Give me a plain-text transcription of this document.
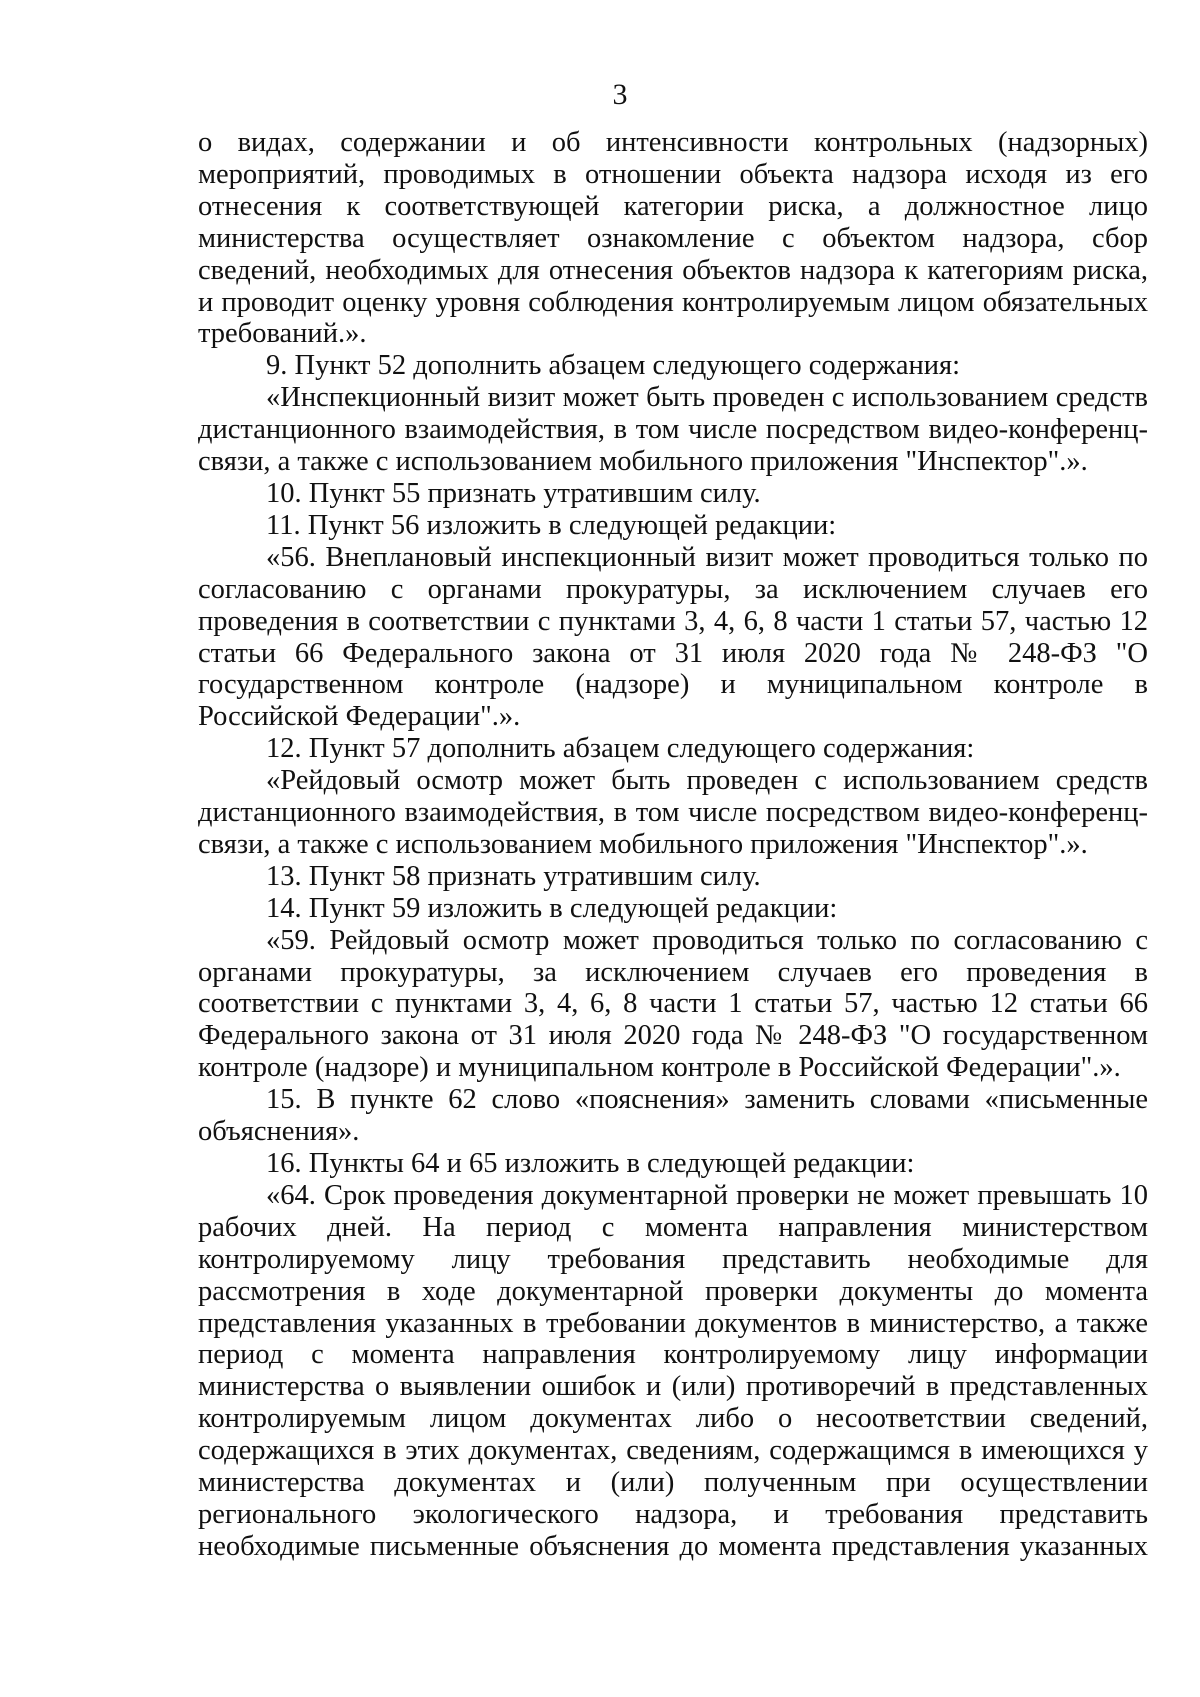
3

о видах, содержании и об интенсивности контрольных (надзорных) мероприятий, проводимых в отношении объекта надзора исходя из его отнесения к соответствующей категории риска, а должностное лицо министерства осуществляет ознакомление с объектом надзора, сбор сведений, необходимых для отнесения объектов надзора к категориям риска, и проводит оценку уровня соблюдения контролируемым лицом обязательных требований.».

9. Пункт 52 дополнить абзацем следующего содержания:

«Инспекционный визит может быть проведен с использованием средств дистанционного взаимодействия, в том числе посредством видео-конференц-связи, а также с использованием мобильного приложения "Инспектор".».

10. Пункт 55 признать утратившим силу.

11. Пункт 56 изложить в следующей редакции:

«56. Внеплановый инспекционный визит может проводиться только по согласованию с органами прокуратуры, за исключением случаев его проведения в соответствии с пунктами 3, 4, 6, 8 части 1 статьи 57, частью 12 статьи 66 Федерального закона от 31 июля 2020 года № 248-ФЗ "О государственном контроле (надзоре) и муниципальном контроле в Российской Федерации".».

12. Пункт 57 дополнить абзацем следующего содержания:

«Рейдовый осмотр может быть проведен с использованием средств дистанционного взаимодействия, в том числе посредством видео-конференц-связи, а также с использованием мобильного приложения "Инспектор".».

13. Пункт 58 признать утратившим силу.

14. Пункт 59 изложить в следующей редакции:

«59. Рейдовый осмотр может проводиться только по согласованию с органами прокуратуры, за исключением случаев его проведения в соответствии с пунктами 3, 4, 6, 8 части 1 статьи 57, частью 12 статьи 66 Федерального закона от 31 июля 2020 года № 248-ФЗ "О государственном контроле (надзоре) и муниципальном контроле в Российской Федерации".».

15. В пункте 62 слово «пояснения» заменить словами «письменные объяснения».

16. Пункты 64 и 65 изложить в следующей редакции:

«64. Срок проведения документарной проверки не может превышать 10 рабочих дней. На период с момента направления министерством контролируемому лицу требования представить необходимые для рассмотрения в ходе документарной проверки документы до момента представления указанных в требовании документов в министерство, а также период с момента направления контролируемому лицу информации министерства о выявлении ошибок и (или) противоречий в представленных контролируемым лицом документах либо о несоответствии сведений, содержащихся в этих документах, сведениям, содержащимся в имеющихся у министерства документах и (или) полученным при осуществлении регионального экологического надзора, и требования представить необходимые письменные объяснения до момента представления указанных
